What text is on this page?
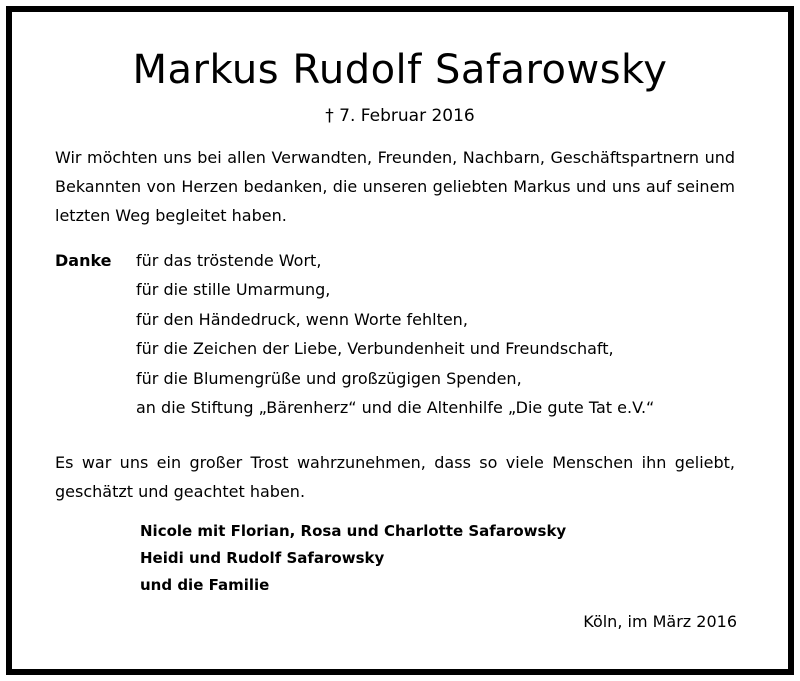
Markus Rudolf Safarowsky
† 7. Februar 2016
Wir möchten uns bei allen Verwandten, Freunden, Nachbarn, Geschäftspartnern und Bekannten von Herzen bedanken, die unseren geliebten Markus und uns auf seinem letzten Weg begleitet haben.
Danke für das tröstende Wort,
für die stille Umarmung,
für den Händedruck, wenn Worte fehlten,
für die Zeichen der Liebe, Verbundenheit und Freundschaft,
für die Blumengrüße und großzügigen Spenden,
an die Stiftung „Bärenherz“ und die Altenhilfe „Die gute Tat e.V.“
Es war uns ein großer Trost wahrzunehmen, dass so viele Menschen ihn geliebt, geschätzt und geachtet haben.
Nicole mit Florian, Rosa und Charlotte Safarowsky
Heidi und Rudolf Safarowsky
und die Familie
Köln, im März 2016
